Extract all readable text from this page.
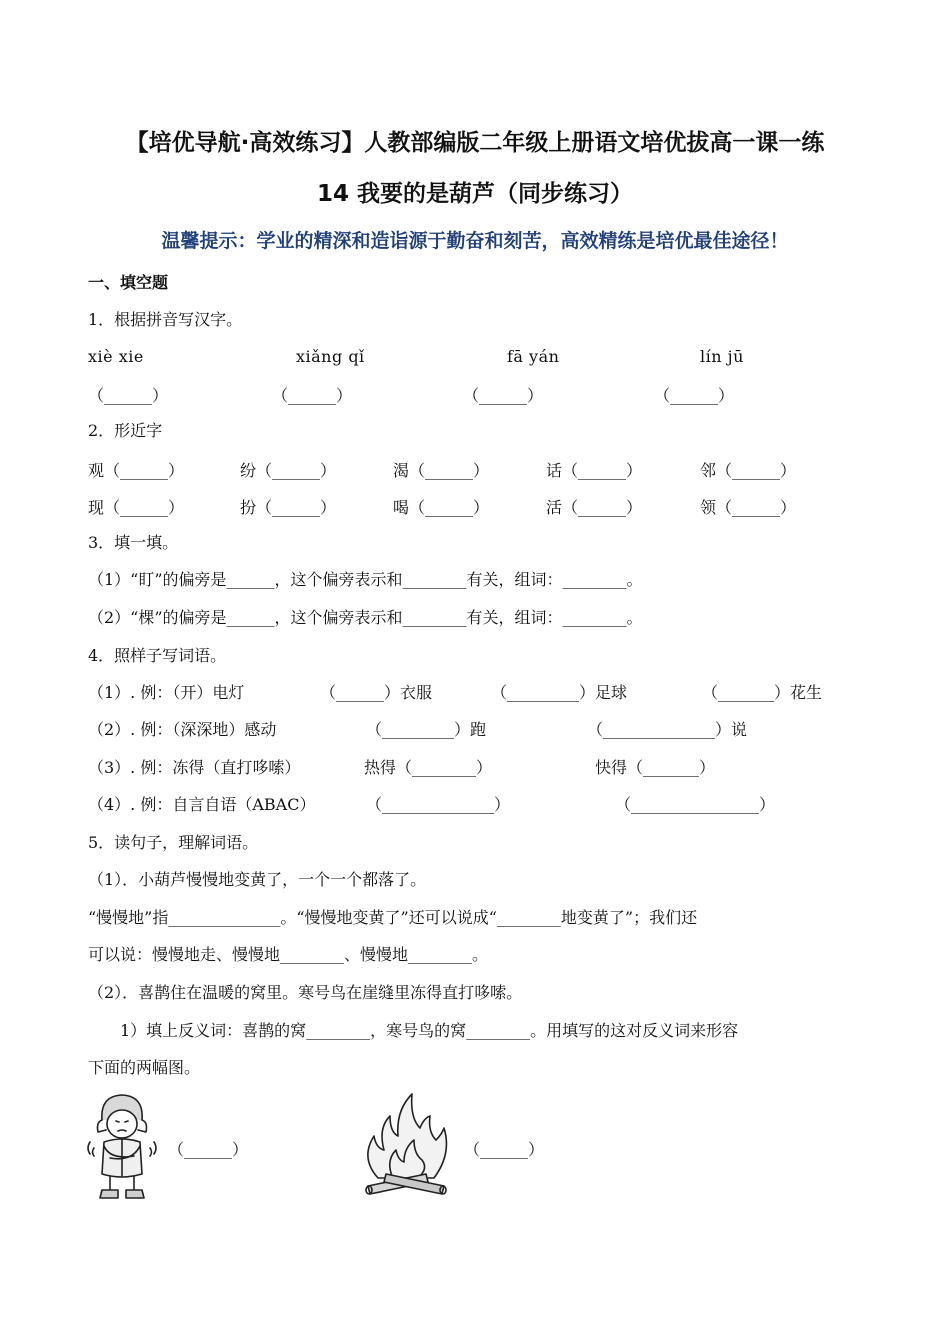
【培优导航·高效练习】人教部编版二年级上册语文培优拔高一课一练
14 我要的是葫芦（同步练习）
温馨提示：学业的精深和造诣源于勤奋和刻苦，高效精练是培优最佳途径！
一、填空题
1．根据拼音写汉字。
xiè xie	xiǎng qǐ	fā yán	lín jū
（______）	（______）	（______）	（______）
2．形近字
观（______）	纷（______）	渴（______）	话（______）	邻（______）
现（______）	扮（______）	喝（______）	活（______）	领（______）
3．填一填。
（1）“盯”的偏旁是______，这个偏旁表示和________有关，组词：________。
（2）“棵”的偏旁是______，这个偏旁表示和________有关，组词：________。
4．照样子写词语。
（1）. 例：（开）电灯	（______）衣服	（_________）足球	（_______）花生
（2）. 例：（深深地）感动	（_________）跑	（______________）说
（3）. 例：冻得（直打哆嗦）	热得（________）	快得（_______）
（4）. 例：自言自语（ABAC）	（______________）	（________________）
5．读句子，理解词语。
（1）．小葫芦慢慢地变黄了，一个一个都落了。
“慢慢地”指______________。“慢慢地变黄了”还可以说成“________地变黄了”；我们还
可以说：慢慢地走、慢慢地________、慢慢地________。
（2）．喜鹊住在温暖的窝里。寒号鸟在崖缝里冻得直打哆嗦。
1）填上反义词：喜鹊的窝________，寒号鸟的窝________。用填写的这对反义词来形容
下面的两幅图。
（______）	（______）
